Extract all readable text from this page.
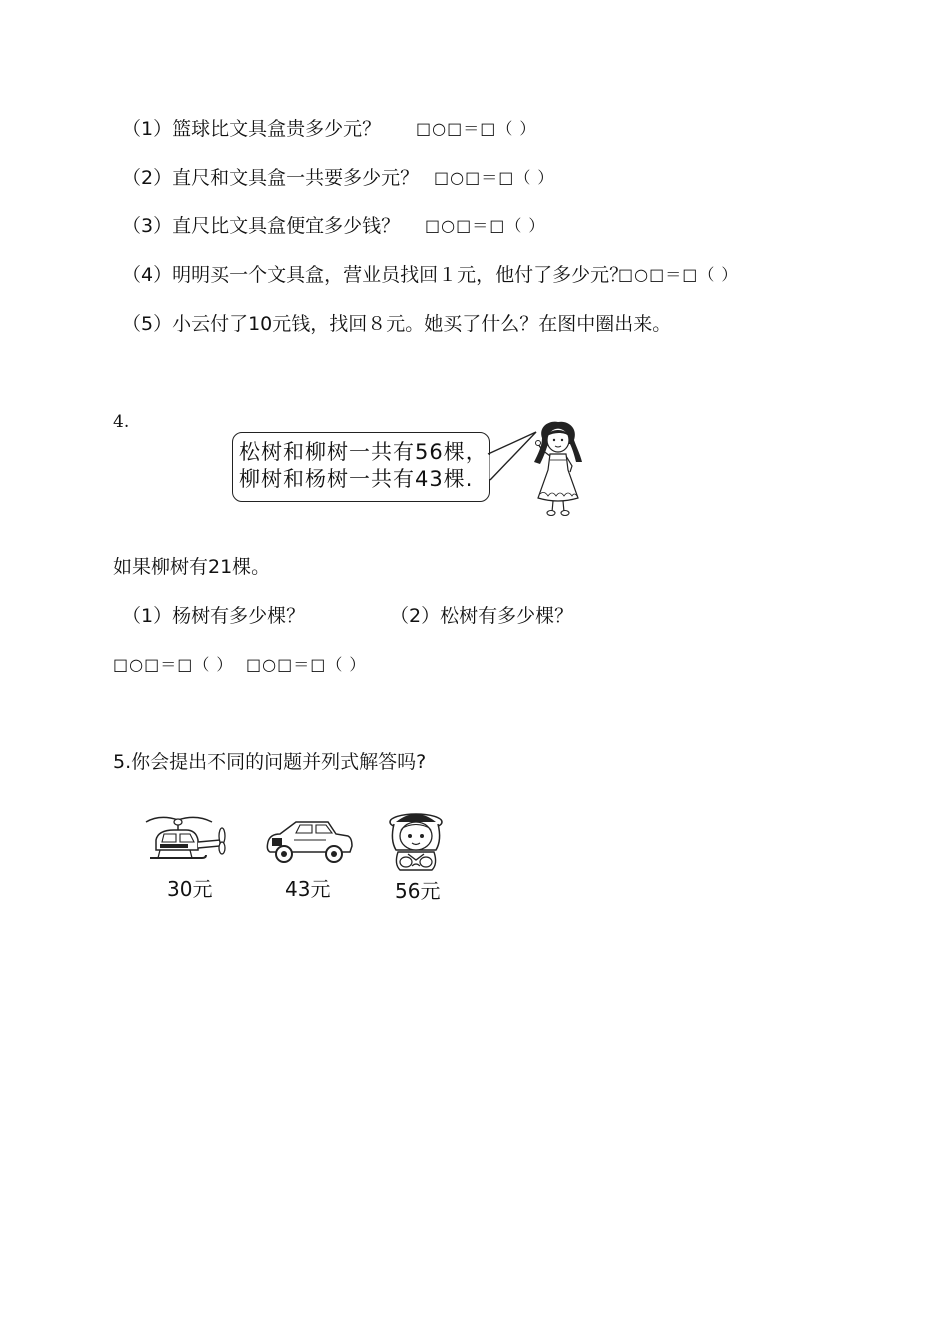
（1）篮球比文具盒贵多少元？ □○□＝□（ ）
（2）直尺和文具盒一共要多少元？ □○□＝□（ ）
（3）直尺比文具盒便宜多少钱？ □○□＝□（ ）
（4）明明买一个文具盒，营业员找回１元，他付了多少元？
□○□＝□（ ）
（5）小云付了10元钱，找回８元。她买了什么？在图中圈出来。
4.
松树和柳树一共有56棵，
柳树和杨树一共有43棵.
如果柳树有21棵。
（1）杨树有多少棵？	（2）松树有多少棵？
□○□＝□（ ） □○□＝□（ ）
5.你会提出不同的问题并列式解答吗?
30元	43元	56元
